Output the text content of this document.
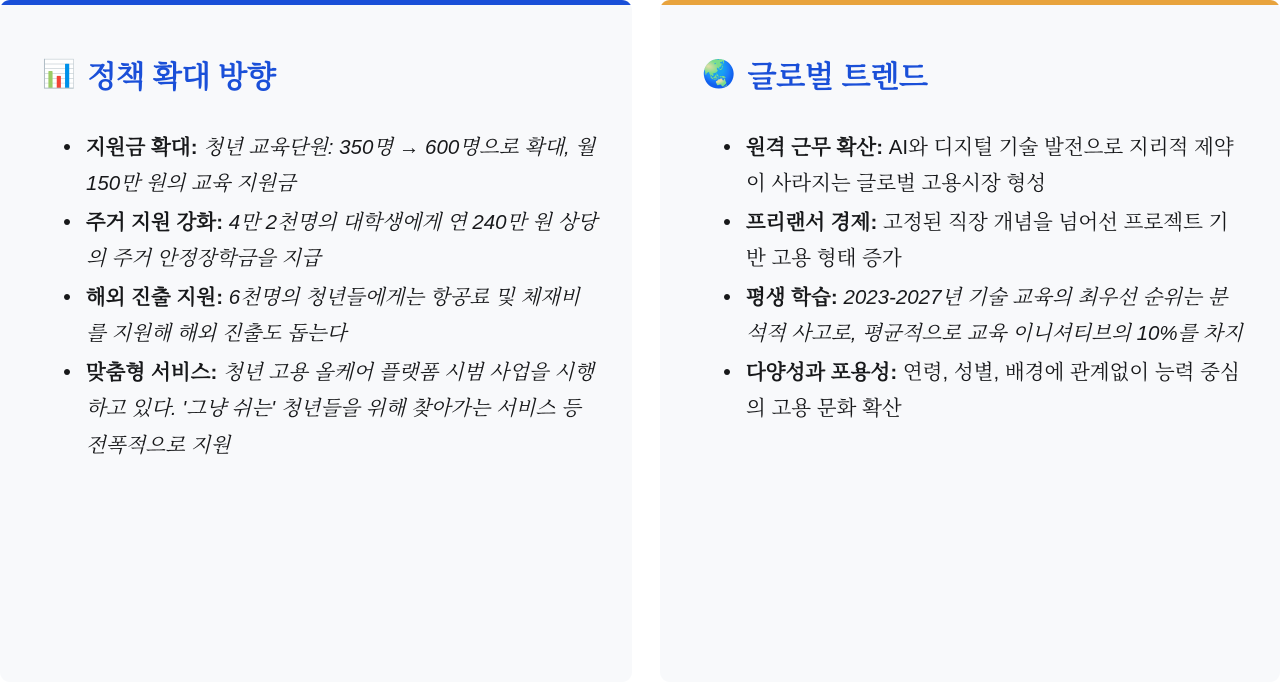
📊 정책 확대 방향
지원금 확대: 청년 교육단원: 350명 → 600명으로 확대, 월 150만 원의 교육 지원금
주거 지원 강화: 4만 2천명의 대학생에게 연 240만 원 상당의 주거 안정장학금을 지급
해외 진출 지원: 6천명의 청년들에게는 항공료 및 체재비를 지원해 해외 진출도 돕는다
맞춤형 서비스: 청년 고용 올케어 플랫폼 시범 사업을 시행하고 있다. '그냥 쉬는' 청년들을 위해 찾아가는 서비스 등 전폭적으로 지원
🌏 글로벌 트렌드
원격 근무 확산: AI와 디지털 기술 발전으로 지리적 제약이 사라지는 글로벌 고용시장 형성
프리랜서 경제: 고정된 직장 개념을 넘어선 프로젝트 기반 고용 형태 증가
평생 학습: 2023-2027년 기술 교육의 최우선 순위는 분석적 사고로, 평균적으로 교육 이니셔티브의 10%를 차지
다양성과 포용성: 연령, 성별, 배경에 관계없이 능력 중심의 고용 문화 확산
